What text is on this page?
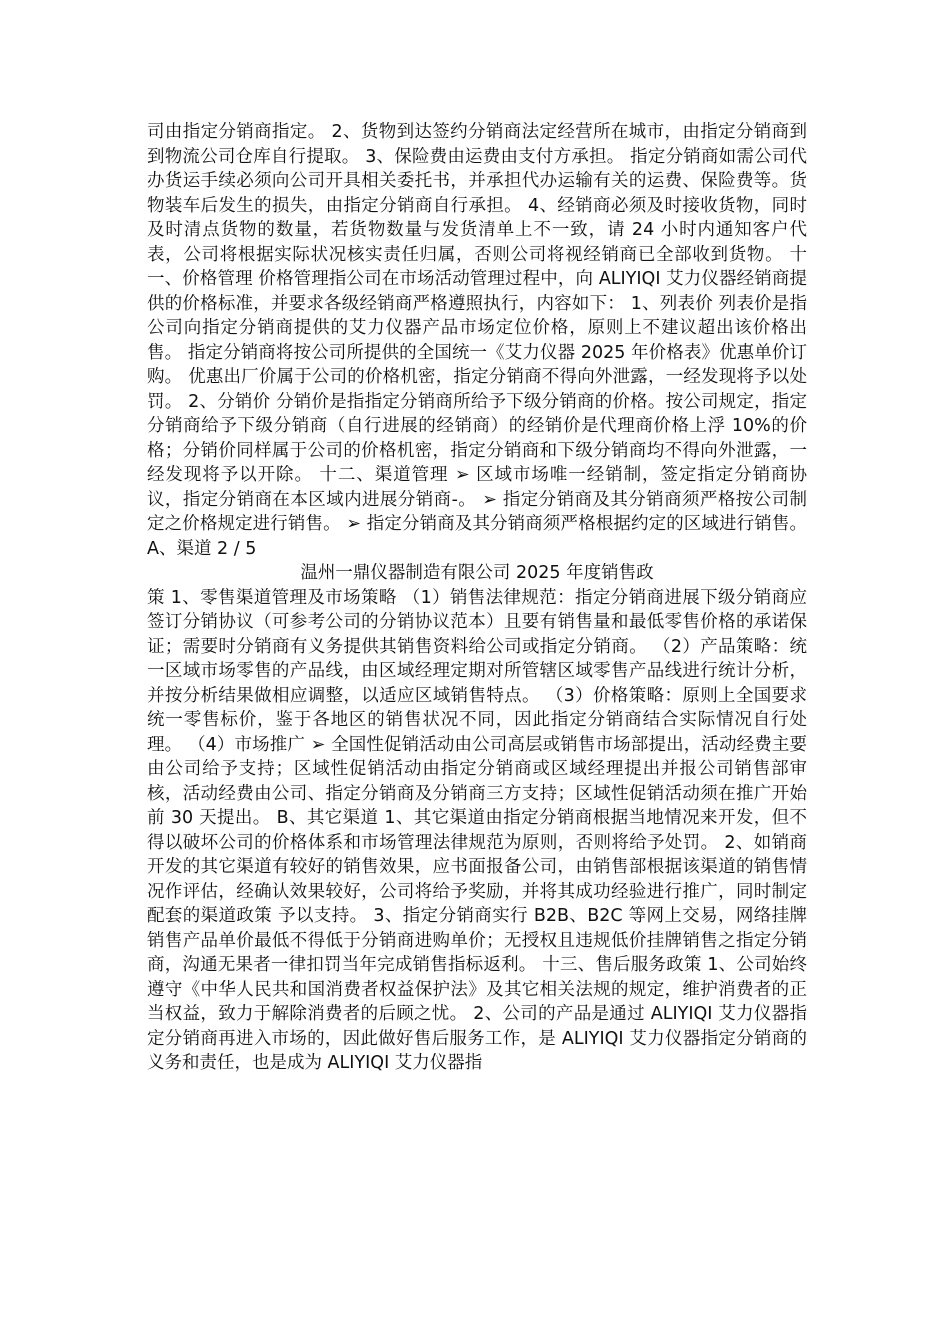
司由指定分销商指定。 2、货物到达签约分销商法定经营所在城市，由指定分销商到到物流公司仓库自行提取。 3、保险费由运费由支付方承担。 指定分销商如需公司代办货运手续必须向公司开具相关委托书，并承担代办运输有关的运费、保险费等。货物装车后发生的损失，由指定分销商自行承担。 4、经销商必须及时接收货物，同时及时清点货物的数量，若货物数量与发货清单上不一致，请 24 小时内通知客户代表，公司将根据实际状况核实责任归属，否则公司将视经销商已全部收到货物。 十一、价格管理 价格管理指公司在市场活动管理过程中，向 ALIYIQI 艾力仪器经销商提供的价格标准，并要求各级经销商严格遵照执行，内容如下： 1、列表价 列表价是指公司向指定分销商提供的艾力仪器产品市场定位价格，原则上不建议超出该价格出售。 指定分销商将按公司所提供的全国统一《艾力仪器 2025 年价格表》优惠单价订购。 优惠出厂价属于公司的价格机密，指定分销商不得向外泄露，一经发现将予以处罚。 2、分销价 分销价是指指定分销商所给予下级分销商的价格。按公司规定，指定分销商给予下级分销商（自行进展的经销商）的经销价是代理商价格上浮 10%的价格；分销价同样属于公司的价格机密，指定分销商和下级分销商均不得向外泄露，一经发现将予以开除。 十二、渠道管理 ➢ 区域市场唯一经销制，签定指定分销商协议，指定分销商在本区域内进展分销商-。 ➢ 指定分销商及其分销商须严格按公司制定之价格规定进行销售。 ➢ 指定分销商及其分销商须严格根据约定的区域进行销售。 A、渠道 2 / 5

温州一鼎仪器制造有限公司 2025 年度销售政

策 1、零售渠道管理及市场策略 （1）销售法律规范：指定分销商进展下级分销商应签订分销协议（可参考公司的分销协议范本）且要有销售量和最低零售价格的承诺保证；需要时分销商有义务提供其销售资料给公司或指定分销商。 （2）产品策略：统一区域市场零售的产品线，由区域经理定期对所管辖区域零售产品线进行统计分析，并按分析结果做相应调整，以适应区域销售特点。 （3）价格策略：原则上全国要求统一零售标价，鉴于各地区的销售状况不同，因此指定分销商结合实际情况自行处理。 （4）市场推广 ➢ 全国性促销活动由公司高层或销售市场部提出，活动经费主要由公司给予支持；区域性促销活动由指定分销商或区域经理提出并报公司销售部审核，活动经费由公司、指定分销商及分销商三方支持；区域性促销活动须在推广开始前 30 天提出。 B、其它渠道 1、其它渠道由指定分销商根据当地情况来开发，但不得以破坏公司的价格体系和市场管理法律规范为原则，否则将给予处罚。 2、如销商开发的其它渠道有较好的销售效果，应书面报备公司，由销售部根据该渠道的销售情况作评估，经确认效果较好，公司将给予奖励，并将其成功经验进行推广，同时制定配套的渠道政策 予以支持。 3、指定分销商实行 B2B、B2C 等网上交易，网络挂牌销售产品单价最低不得低于分销商进购单价；无授权且违规低价挂牌销售之指定分销商，沟通无果者一律扣罚当年完成销售指标返利。 十三、售后服务政策 1、公司始终遵守《中华人民共和国消费者权益保护法》及其它相关法规的规定，维护消费者的正当权益，致力于解除消费者的后顾之忧。 2、公司的产品是通过 ALIYIQI 艾力仪器指定分销商再进入市场的，因此做好售后服务工作，是 ALIYIQI 艾力仪器指定分销商的义务和责任，也是成为 ALIYIQI 艾力仪器指
